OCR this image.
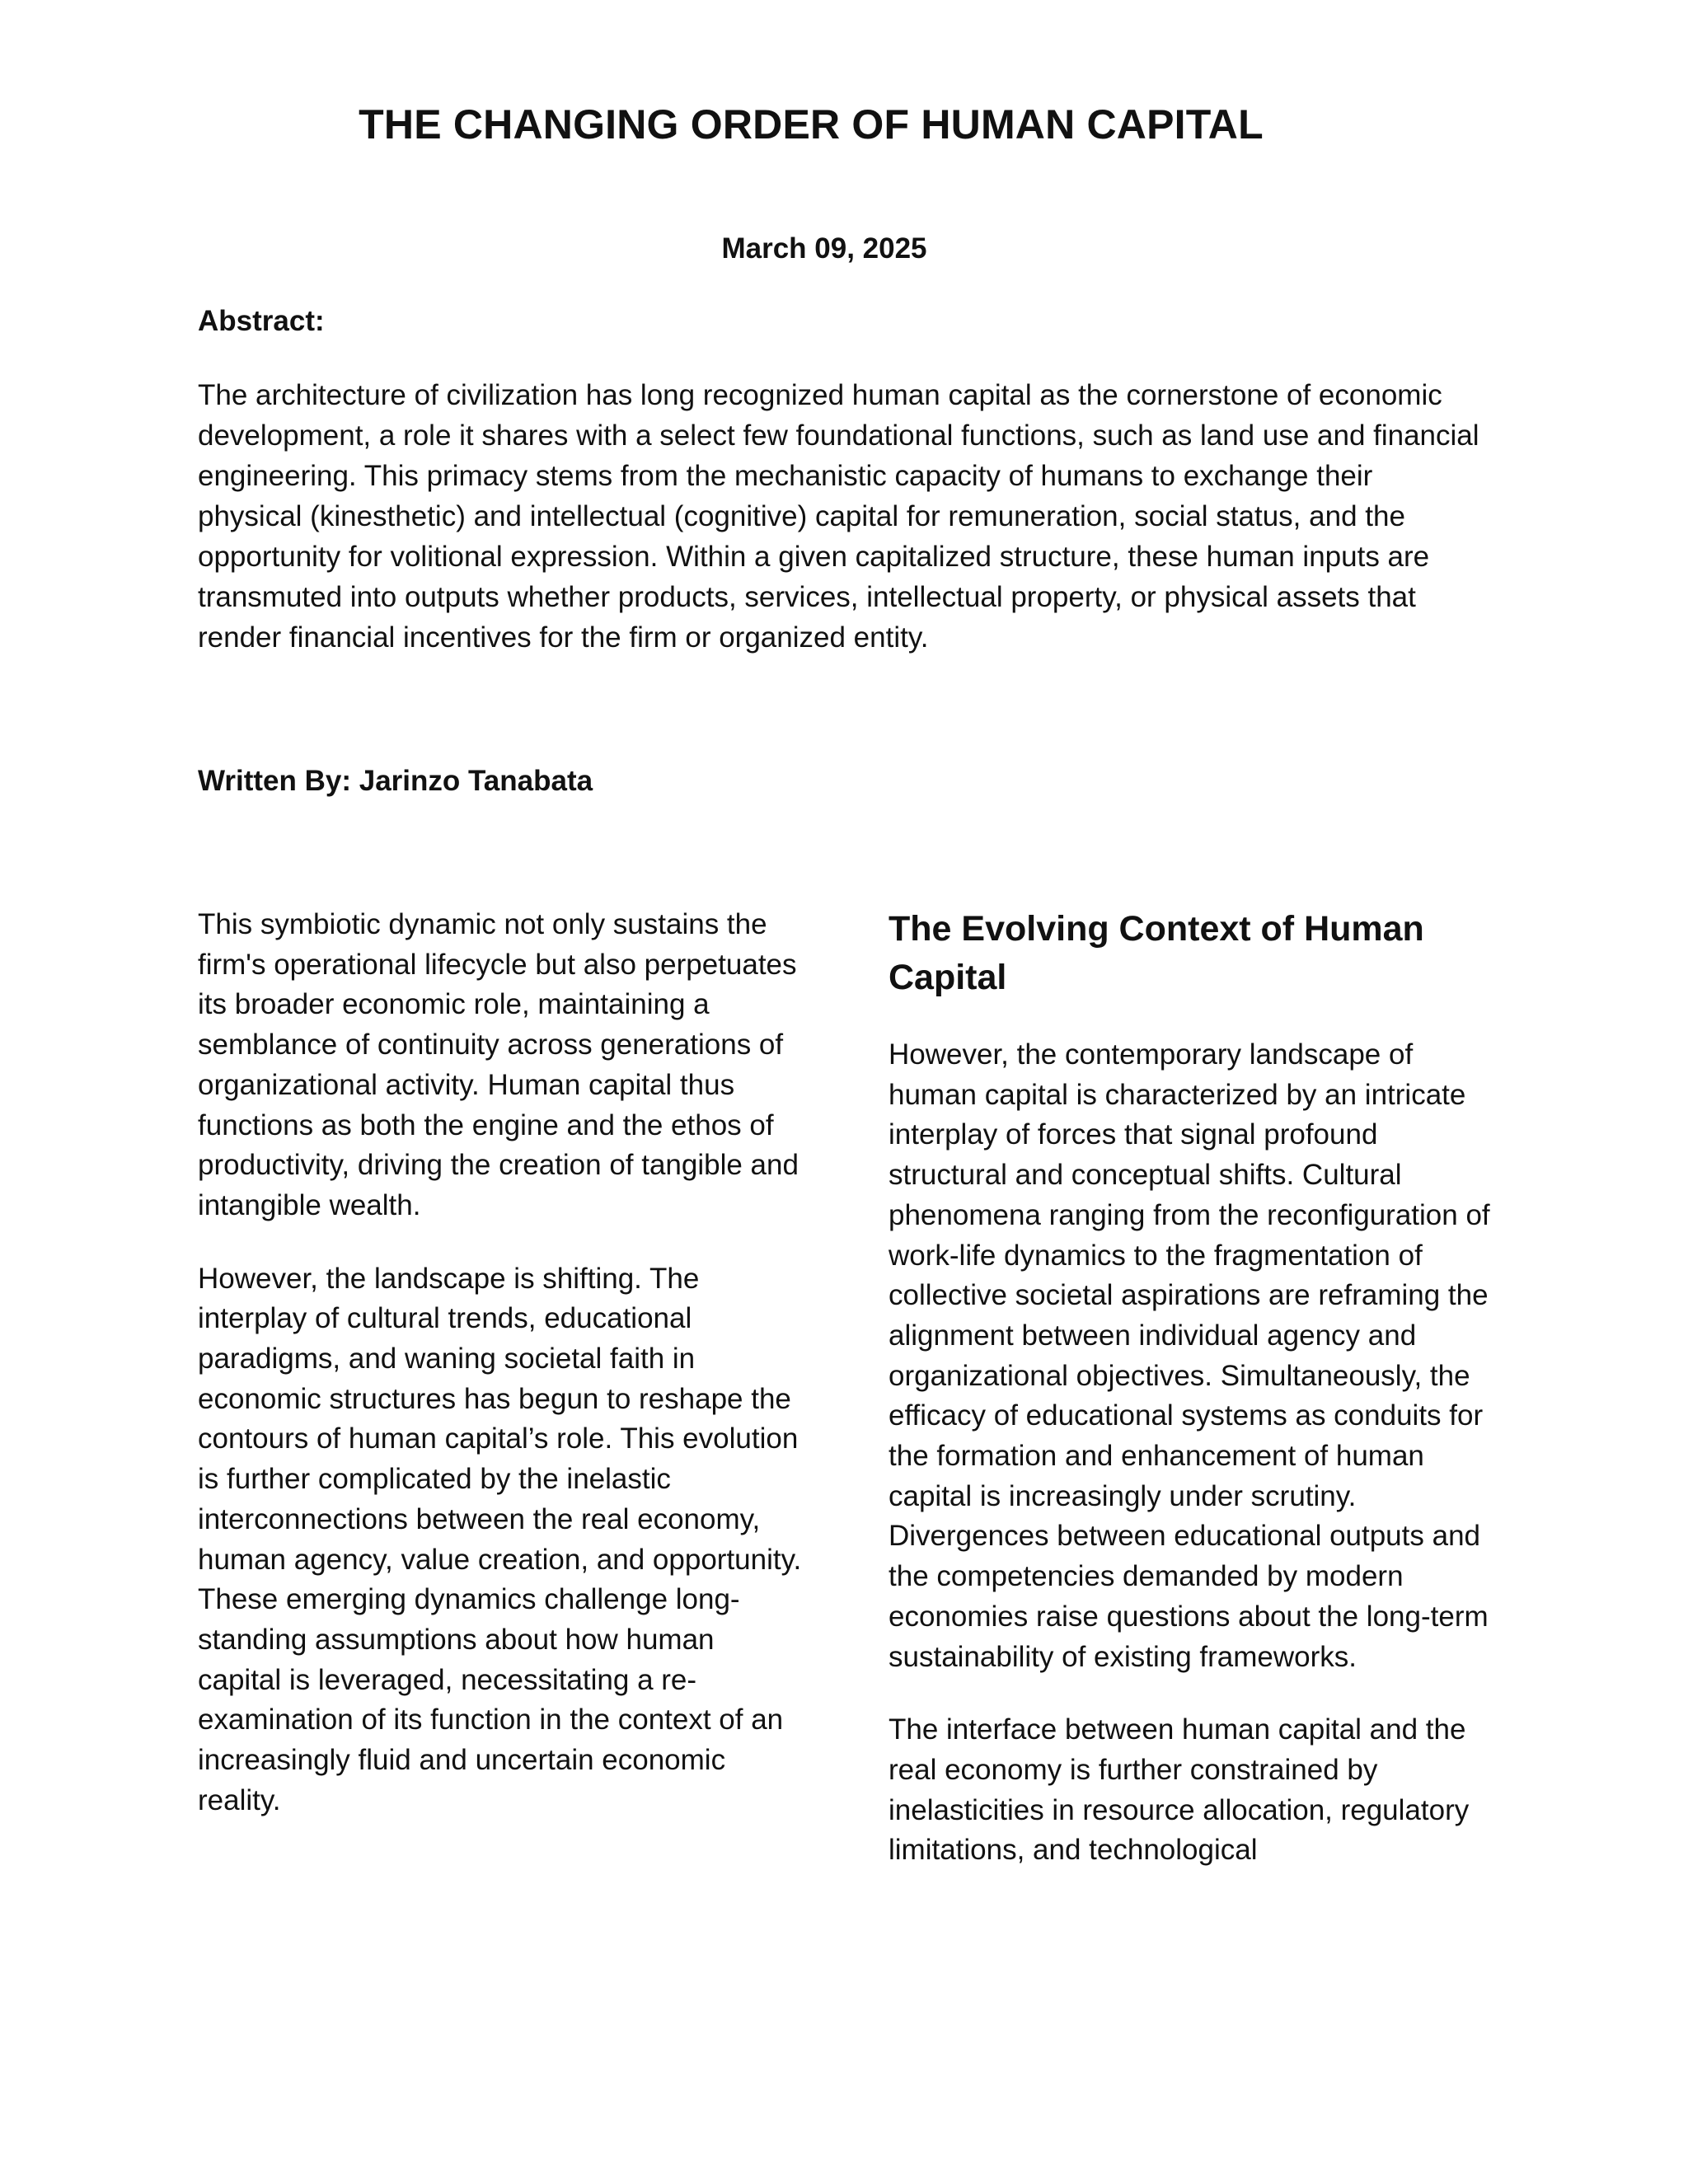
THE CHANGING ORDER OF HUMAN CAPITAL
March 09, 2025
Abstract:

The architecture of civilization has long recognized human capital as the cornerstone of economic development, a role it shares with a select few foundational functions, such as land use and financial engineering. This primacy stems from the mechanistic capacity of humans to exchange their physical (kinesthetic) and intellectual (cognitive) capital for remuneration, social status, and the opportunity for volitional expression. Within a given capitalized structure, these human inputs are transmuted into outputs whether products, services, intellectual property, or physical assets that render financial incentives for the firm or organized entity.

Written By: Jarinzo Tanabata

This symbiotic dynamic not only sustains the firm's operational lifecycle but also perpetuates its broader economic role, maintaining a semblance of continuity across generations of organizational activity. Human capital thus functions as both the engine and the ethos of productivity, driving the creation of tangible and intangible wealth.

However, the landscape is shifting. The interplay of cultural trends, educational paradigms, and waning societal faith in economic structures has begun to reshape the contours of human capital’s role. This evolution is further complicated by the inelastic interconnections between the real economy, human agency, value creation, and opportunity. These emerging dynamics challenge long-standing assumptions about how human capital is leveraged, necessitating a re-examination of its function in the context of an increasingly fluid and uncertain economic reality.

The Evolving Context of Human Capital

However, the contemporary landscape of human capital is characterized by an intricate interplay of forces that signal profound structural and conceptual shifts. Cultural phenomena ranging from the reconfiguration of work-life dynamics to the fragmentation of collective societal aspirations are reframing the alignment between individual agency and organizational objectives. Simultaneously, the efficacy of educational systems as conduits for the formation and enhancement of human capital is increasingly under scrutiny. Divergences between educational outputs and the competencies demanded by modern economies raise questions about the long-term sustainability of existing frameworks.

The interface between human capital and the real economy is further constrained by inelasticities in resource allocation, regulatory limitations, and technological
